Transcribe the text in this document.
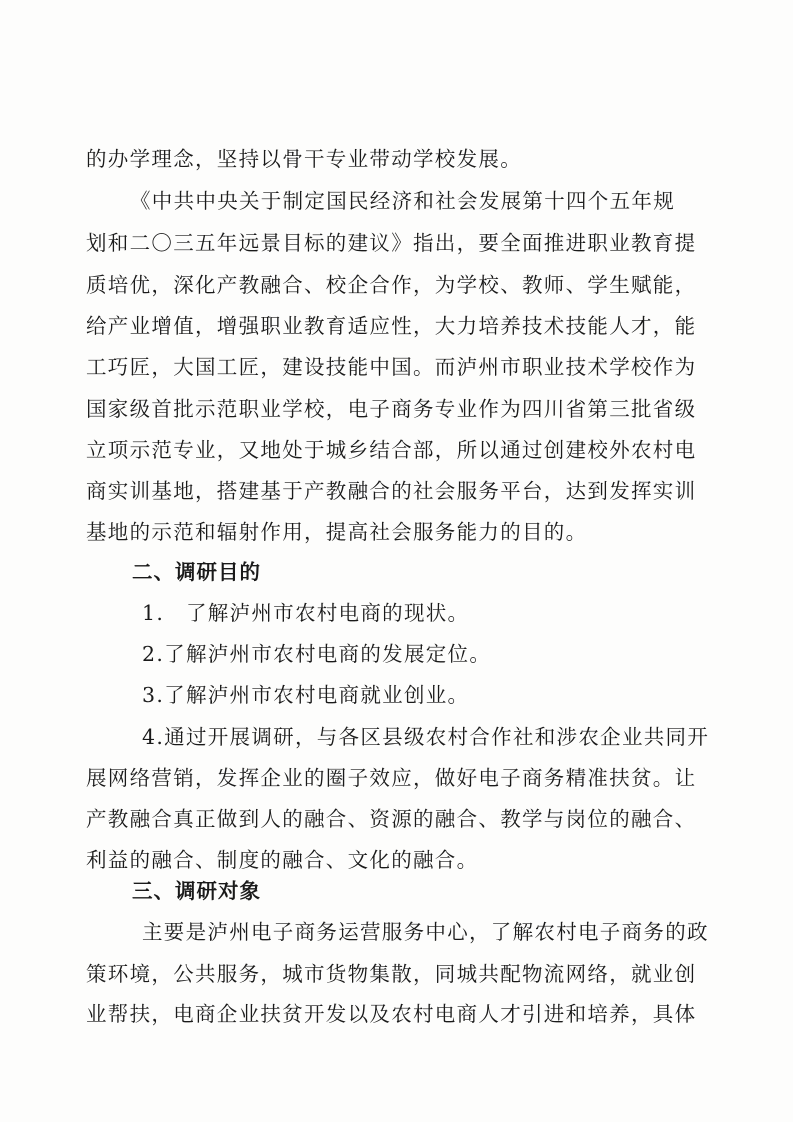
的办学理念，坚持以骨干专业带动学校发展。
《中共中央关于制定国民经济和社会发展第十四个五年规
划和二〇三五年远景目标的建议》指出，要全面推进职业教育提
质培优，深化产教融合、校企合作，为学校、教师、学生赋能，
给产业增值，增强职业教育适应性，大力培养技术技能人才，能
工巧匠，大国工匠，建设技能中国。而泸州市职业技术学校作为
国家级首批示范职业学校，电子商务专业作为四川省第三批省级
立项示范专业，又地处于城乡结合部，所以通过创建校外农村电
商实训基地，搭建基于产教融合的社会服务平台，达到发挥实训
基地的示范和辐射作用，提高社会服务能力的目的。
二、调研目的
1.　了解泸州市农村电商的现状。
2.了解泸州市农村电商的发展定位。
3.了解泸州市农村电商就业创业。
4.通过开展调研，与各区县级农村合作社和涉农企业共同开
展网络营销，发挥企业的圈子效应，做好电子商务精准扶贫。让
产教融合真正做到人的融合、资源的融合、教学与岗位的融合、
利益的融合、制度的融合、文化的融合。
三、调研对象
主要是泸州电子商务运营服务中心，了解农村电子商务的政
策环境，公共服务，城市货物集散，同城共配物流网络，就业创
业帮扶，电商企业扶贫开发以及农村电商人才引进和培养，具体
